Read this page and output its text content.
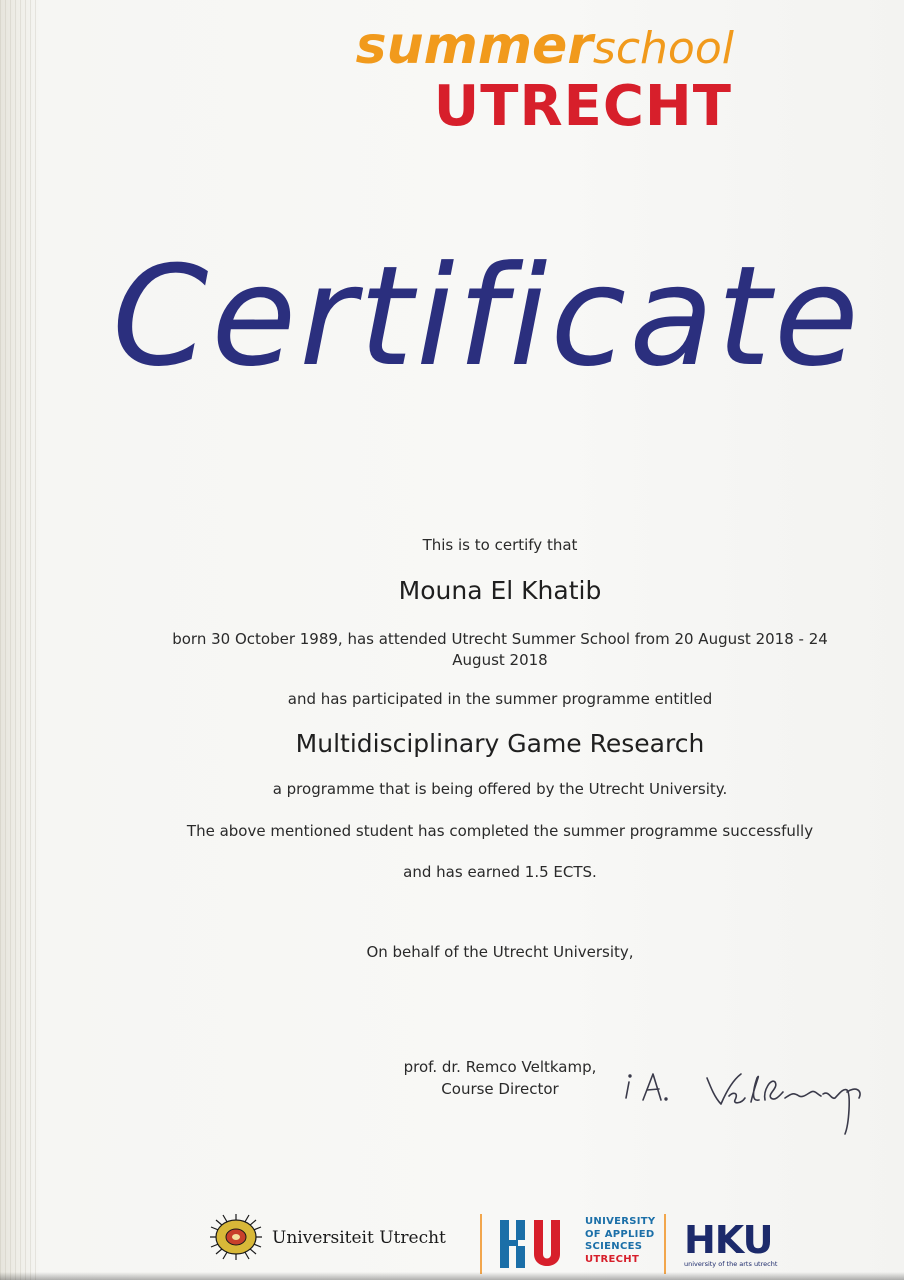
summerschool
UTRECHT
Certificate
This is to certify that
Mouna El Khatib
born 30 October 1989, has attended Utrecht Summer School from 20 August 2018 - 24
August 2018
and has participated in the summer programme entitled
Multidisciplinary Game Research
a programme that is being offered by the Utrecht University.
The above mentioned student has completed the summer programme successfully
and has earned 1.5 ECTS.
On behalf of the Utrecht University,
prof. dr. Remco Veltkamp,
Course Director
Universiteit Utrecht
UNIVERSITY
OF APPLIED
SCIENCES
UTRECHT	HKU
university of the arts utrecht
